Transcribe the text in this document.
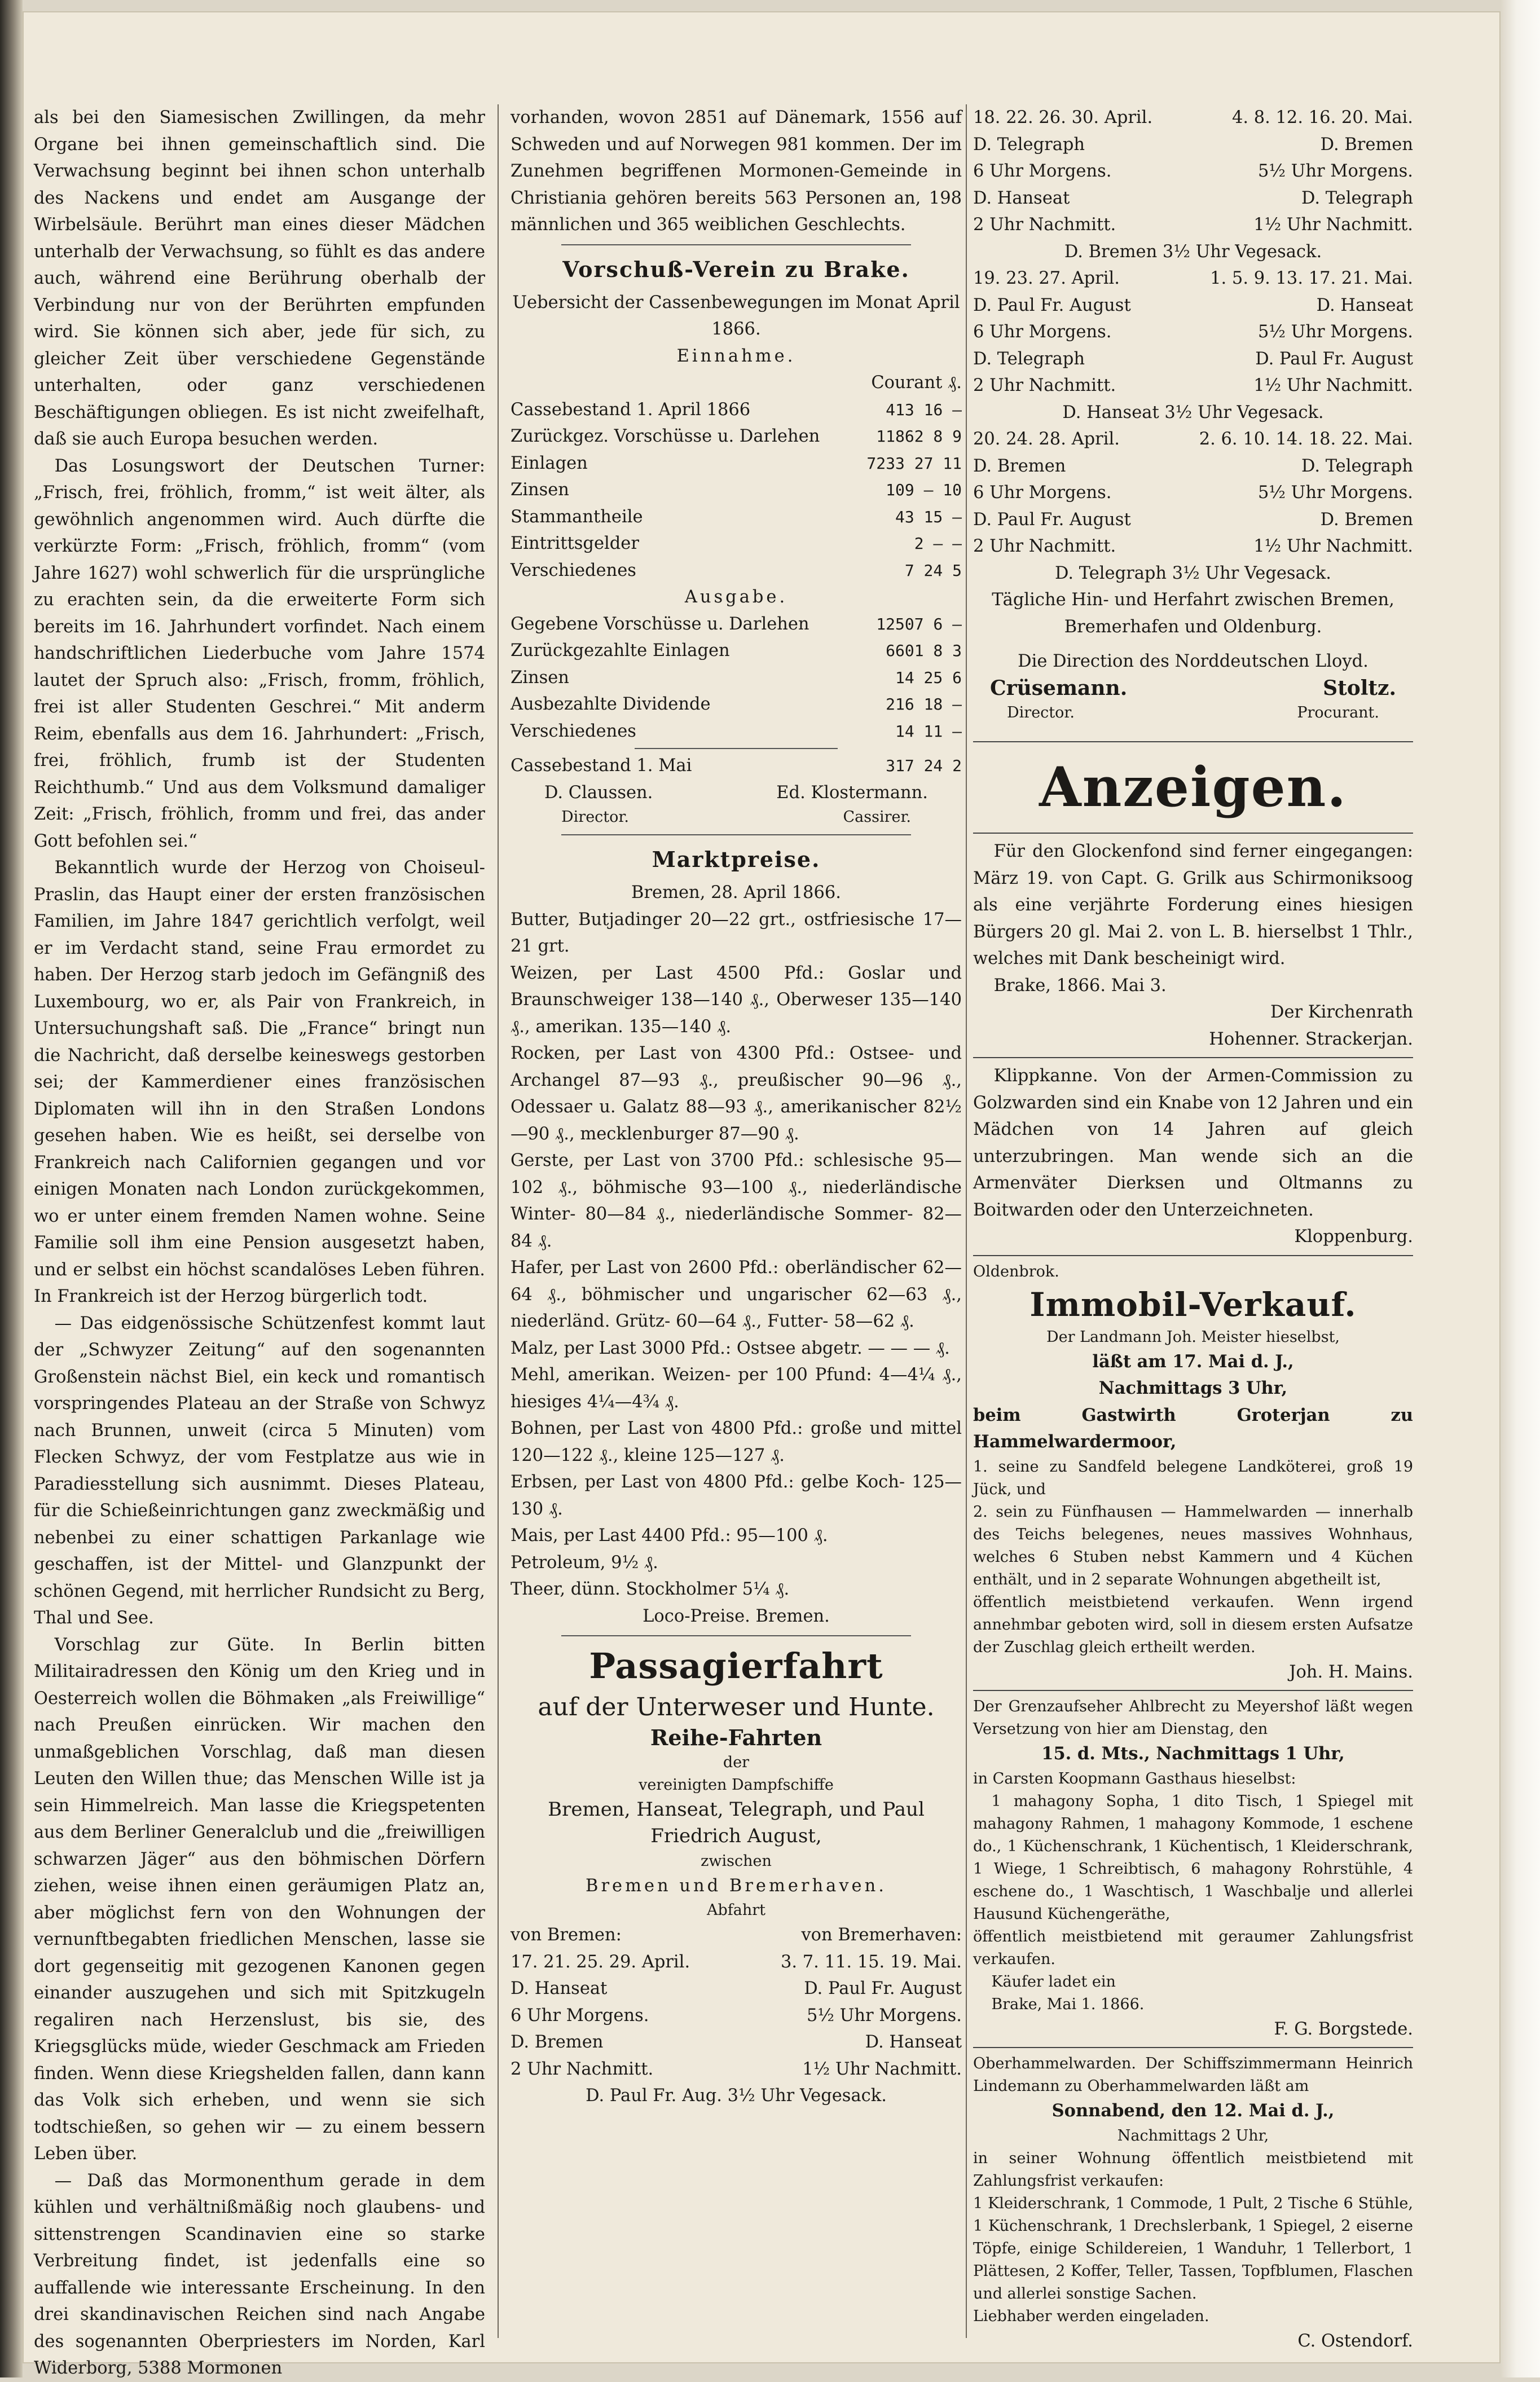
als bei den Siamesischen Zwillingen, da mehr Organe bei ihnen gemeinschaftlich sind. Die Verwachsung beginnt bei ihnen schon unterhalb des Nackens und endet am Ausgange der Wirbelsäule. Berührt man eines dieser Mädchen unterhalb der Verwachsung, so fühlt es das andere auch, während eine Berührung oberhalb der Verbindung nur von der Berührten empfunden wird. Sie können sich aber, jede für sich, zu gleicher Zeit über verschiedene Gegenstände unterhalten, oder ganz verschiedenen Beschäftigungen obliegen. Es ist nicht zweifelhaft, daß sie auch Europa besuchen werden.

Das Losungswort der Deutschen Turner: „Frisch, frei, fröhlich, fromm,“ ist weit älter, als gewöhnlich angenommen wird. Auch dürfte die verkürzte Form: „Frisch, fröhlich, fromm“ (vom Jahre 1627) wohl schwerlich für die ursprüngliche zu erachten sein, da die erweiterte Form sich bereits im 16. Jahrhundert vorfindet. Nach einem handschriftlichen Liederbuche vom Jahre 1574 lautet der Spruch also: „Frisch, fromm, fröhlich, frei ist aller Studenten Geschrei.“ Mit anderm Reim, ebenfalls aus dem 16. Jahrhundert: „Frisch, frei, fröhlich, frumb ist der Studenten Reichthumb.“ Und aus dem Volksmund damaliger Zeit: „Frisch, fröhlich, fromm und frei, das ander Gott befohlen sei.“

Bekanntlich wurde der Herzog von Choiseul-Praslin, das Haupt einer der ersten französischen Familien, im Jahre 1847 gerichtlich verfolgt, weil er im Verdacht stand, seine Frau ermordet zu haben. Der Herzog starb jedoch im Gefängniß des Luxembourg, wo er, als Pair von Frankreich, in Untersuchungshaft saß. Die „France“ bringt nun die Nachricht, daß derselbe keineswegs gestorben sei; der Kammerdiener eines französischen Diplomaten will ihn in den Straßen Londons gesehen haben. Wie es heißt, sei derselbe von Frankreich nach Californien gegangen und vor einigen Monaten nach London zurückgekommen, wo er unter einem fremden Namen wohne. Seine Familie soll ihm eine Pension ausgesetzt haben, und er selbst ein höchst scandalöses Leben führen. In Frankreich ist der Herzog bürgerlich todt.

— Das eidgenössische Schützenfest kommt laut der „Schwyzer Zeitung“ auf den sogenannten Großenstein nächst Biel, ein keck und romantisch vorspringendes Plateau an der Straße von Schwyz nach Brunnen, unweit (circa 5 Minuten) vom Flecken Schwyz, der vom Festplatze aus wie in Paradiesstellung sich ausnimmt. Dieses Plateau, für die Schießeinrichtungen ganz zweckmäßig und nebenbei zu einer schattigen Parkanlage wie geschaffen, ist der Mittel- und Glanzpunkt der schönen Gegend, mit herrlicher Rundsicht zu Berg, Thal und See.

Vorschlag zur Güte. In Berlin bitten Militairadressen den König um den Krieg und in Oesterreich wollen die Böhmaken „als Freiwillige“ nach Preußen einrücken. Wir machen den unmaßgeblichen Vorschlag, daß man diesen Leuten den Willen thue; das Menschen Wille ist ja sein Himmelreich. Man lasse die Kriegspetenten aus dem Berliner Generalclub und die „freiwilligen schwarzen Jäger“ aus den böhmischen Dörfern ziehen, weise ihnen einen geräumigen Platz an, aber möglichst fern von den Wohnungen der vernunftbegabten friedlichen Menschen, lasse sie dort gegenseitig mit gezogenen Kanonen gegen einander auszugehen und sich mit Spitzkugeln regaliren nach Herzenslust, bis sie, des Kriegsglücks müde, wieder Geschmack am Frieden finden. Wenn diese Kriegshelden fallen, dann kann das Volk sich erheben, und wenn sie sich todtschießen, so gehen wir — zu einem bessern Leben über.

— Daß das Mormonenthum gerade in dem kühlen und verhältnißmäßig noch glaubens- und sittenstrengen Scandinavien eine so starke Verbreitung findet, ist jedenfalls eine so auffallende wie interessante Erscheinung. In den drei skandinavischen Reichen sind nach Angabe des sogenannten Oberpriesters im Norden, Karl Widerborg, 5388 Mormonen

vorhanden, wovon 2851 auf Dänemark, 1556 auf Schweden und auf Norwegen 981 kommen. Der im Zunehmen begriffenen Mormonen-Gemeinde in Christiania gehören bereits 563 Personen an, 198 männlichen und 365 weiblichen Geschlechts.

Vorschuß-Verein zu Brake.

Uebersicht der Cassenbewegungen im Monat April 1866.

Einnahme.

Courant ₰.

Cassebestand 1. April 1866	413 16 —
Zurückgez. Vorschüsse u. Darlehen	11862 8 9
Einlagen	7233 27 11
Zinsen	109 — 10
Stammantheile	43 15 —
Eintrittsgelder	2 — —
Verschiedenes	7 24 5

Ausgabe.

Gegebene Vorschüsse u. Darlehen	12507 6 —
Zurückgezahlte Einlagen	6601 8 3
Zinsen	14 25 6
Ausbezahlte Dividende	216 18 —
Verschiedenes	14 11 —
Cassebestand 1. Mai	317 24 2
D. Claussen.	Ed. Klostermann.
Director.	Cassirer.
Marktpreise.

Bremen, 28. April 1866.

Butter, Butjadinger 20—22 grt., ostfriesische 17—21 grt.

Weizen, per Last 4500 Pfd.: Goslar und Braunschweiger 138—140 ₰., Oberweser 135—140 ₰., amerikan. 135—140 ₰.

Rocken, per Last von 4300 Pfd.: Ostsee- und Archangel 87—93 ₰., preußischer 90—96 ₰., Odessaer u. Galatz 88—93 ₰., amerikanischer 82½—90 ₰., mecklenburger 87—90 ₰.

Gerste, per Last von 3700 Pfd.: schlesische 95—102 ₰., böhmische 93—100 ₰., niederländische Winter- 80—84 ₰., niederländische Sommer- 82—84 ₰.

Hafer, per Last von 2600 Pfd.: oberländischer 62—64 ₰., böhmischer und ungarischer 62—63 ₰., niederländ. Grütz- 60—64 ₰., Futter- 58—62 ₰.

Malz, per Last 3000 Pfd.: Ostsee abgetr. — — — ₰.

Mehl, amerikan. Weizen- per 100 Pfund: 4—4¼ ₰., hiesiges 4¼—4¾ ₰.

Bohnen, per Last von 4800 Pfd.: große und mittel 120—122 ₰., kleine 125—127 ₰.

Erbsen, per Last von 4800 Pfd.: gelbe Koch- 125—130 ₰.

Mais, per Last 4400 Pfd.: 95—100 ₰.

Petroleum, 9½ ₰.

Theer, dünn. Stockholmer 5¼ ₰.

Loco-Preise. Bremen.

Passagierfahrt

auf der Unterweser und Hunte.

Reihe-Fahrten

der

vereinigten Dampfschiffe

Bremen, Hanseat, Telegraph, und Paul Friedrich August,

zwischen

Bremen und Bremerhaven.

Abfahrt

von Bremen:	von Bremerhaven:
17. 21. 25. 29. April.	3. 7. 11. 15. 19. Mai.
D. Hanseat	D. Paul Fr. August
6 Uhr Morgens.	5½ Uhr Morgens.
D. Bremen	D. Hanseat
2 Uhr Nachmitt.	1½ Uhr Nachmitt.

D. Paul Fr. Aug. 3½ Uhr Vegesack.

18. 22. 26. 30. April.	4. 8. 12. 16. 20. Mai.
D. Telegraph	D. Bremen
6 Uhr Morgens.	5½ Uhr Morgens.
D. Hanseat	D. Telegraph
2 Uhr Nachmitt.	1½ Uhr Nachmitt.

D. Bremen 3½ Uhr Vegesack.

19. 23. 27. April.	1. 5. 9. 13. 17. 21. Mai.
D. Paul Fr. August	D. Hanseat
6 Uhr Morgens.	5½ Uhr Morgens.
D. Telegraph	D. Paul Fr. August
2 Uhr Nachmitt.	1½ Uhr Nachmitt.

D. Hanseat 3½ Uhr Vegesack.

20. 24. 28. April.	2. 6. 10. 14. 18. 22. Mai.
D. Bremen	D. Telegraph
6 Uhr Morgens.	5½ Uhr Morgens.
D. Paul Fr. August	D. Bremen
2 Uhr Nachmitt.	1½ Uhr Nachmitt.

D. Telegraph 3½ Uhr Vegesack.

Tägliche Hin- und Herfahrt zwischen Bremen, Bremerhafen und Oldenburg.

Die Direction des Norddeutschen Lloyd.

Crüsemann.	Stoltz.
Director.	Procurant.
Anzeigen.

Für den Glockenfond sind ferner eingegangen: März 19. von Capt. G. Grilk aus Schirmoniksoog als eine verjährte Forderung eines hiesigen Bürgers 20 gl. Mai 2. von L. B. hierselbst 1 Thlr., welches mit Dank bescheinigt wird.

Brake, 1866. Mai 3.

Der Kirchenrath

Hohenner. Strackerjan.

Klippkanne. Von der Armen-Commission zu Golzwarden sind ein Knabe von 12 Jahren und ein Mädchen von 14 Jahren auf gleich unterzubringen. Man wende sich an die Armenväter Dierksen und Oltmanns zu Boitwarden oder den Unterzeichneten.

Kloppenburg.

Oldenbrok.

Immobil-Verkauf.

Der Landmann Joh. Meister hieselbst,

läßt am 17. Mai d. J.,

Nachmittags 3 Uhr,

beim Gastwirth Groterjan zu Hammelwardermoor,

1. seine zu Sandfeld belegene Landköterei, groß 19 Jück, und

2. sein zu Fünfhausen — Hammelwarden — innerhalb des Teichs belegenes, neues massives Wohnhaus, welches 6 Stuben nebst Kammern und 4 Küchen enthält, und in 2 separate Wohnungen abgetheilt ist,

öffentlich meistbietend verkaufen. Wenn irgend annehmbar geboten wird, soll in diesem ersten Aufsatze der Zuschlag gleich ertheilt werden.

Joh. H. Mains.

Der Grenzaufseher Ahlbrecht zu Meyershof läßt wegen Versetzung von hier am Dienstag, den

15. d. Mts., Nachmittags 1 Uhr,

in Carsten Koopmann Gasthaus hieselbst:

1 mahagony Sopha, 1 dito Tisch, 1 Spiegel mit mahagony Rahmen, 1 mahagony Kommode, 1 eschene do., 1 Küchenschrank, 1 Küchentisch, 1 Kleiderschrank, 1 Wiege, 1 Schreibtisch, 6 mahagony Rohrstühle, 4 eschene do., 1 Waschtisch, 1 Waschbalje und allerlei Hausund Küchengeräthe,

öffentlich meistbietend mit geraumer Zahlungsfrist verkaufen.

Käufer ladet ein

Brake, Mai 1. 1866.

F. G. Borgstede.

Oberhammelwarden. Der Schiffszimmermann Heinrich Lindemann zu Oberhammelwarden läßt am

Sonnabend, den 12. Mai d. J.,

Nachmittags 2 Uhr,

in seiner Wohnung öffentlich meistbietend mit Zahlungsfrist verkaufen:

1 Kleiderschrank, 1 Commode, 1 Pult, 2 Tische 6 Stühle, 1 Küchenschrank, 1 Drechslerbank, 1 Spiegel, 2 eiserne Töpfe, einige Schildereien, 1 Wanduhr, 1 Tellerbort, 1 Plättesen, 2 Koffer, Teller, Tassen, Topfblumen, Flaschen und allerlei sonstige Sachen.

Liebhaber werden eingeladen.

C. Ostendorf.
